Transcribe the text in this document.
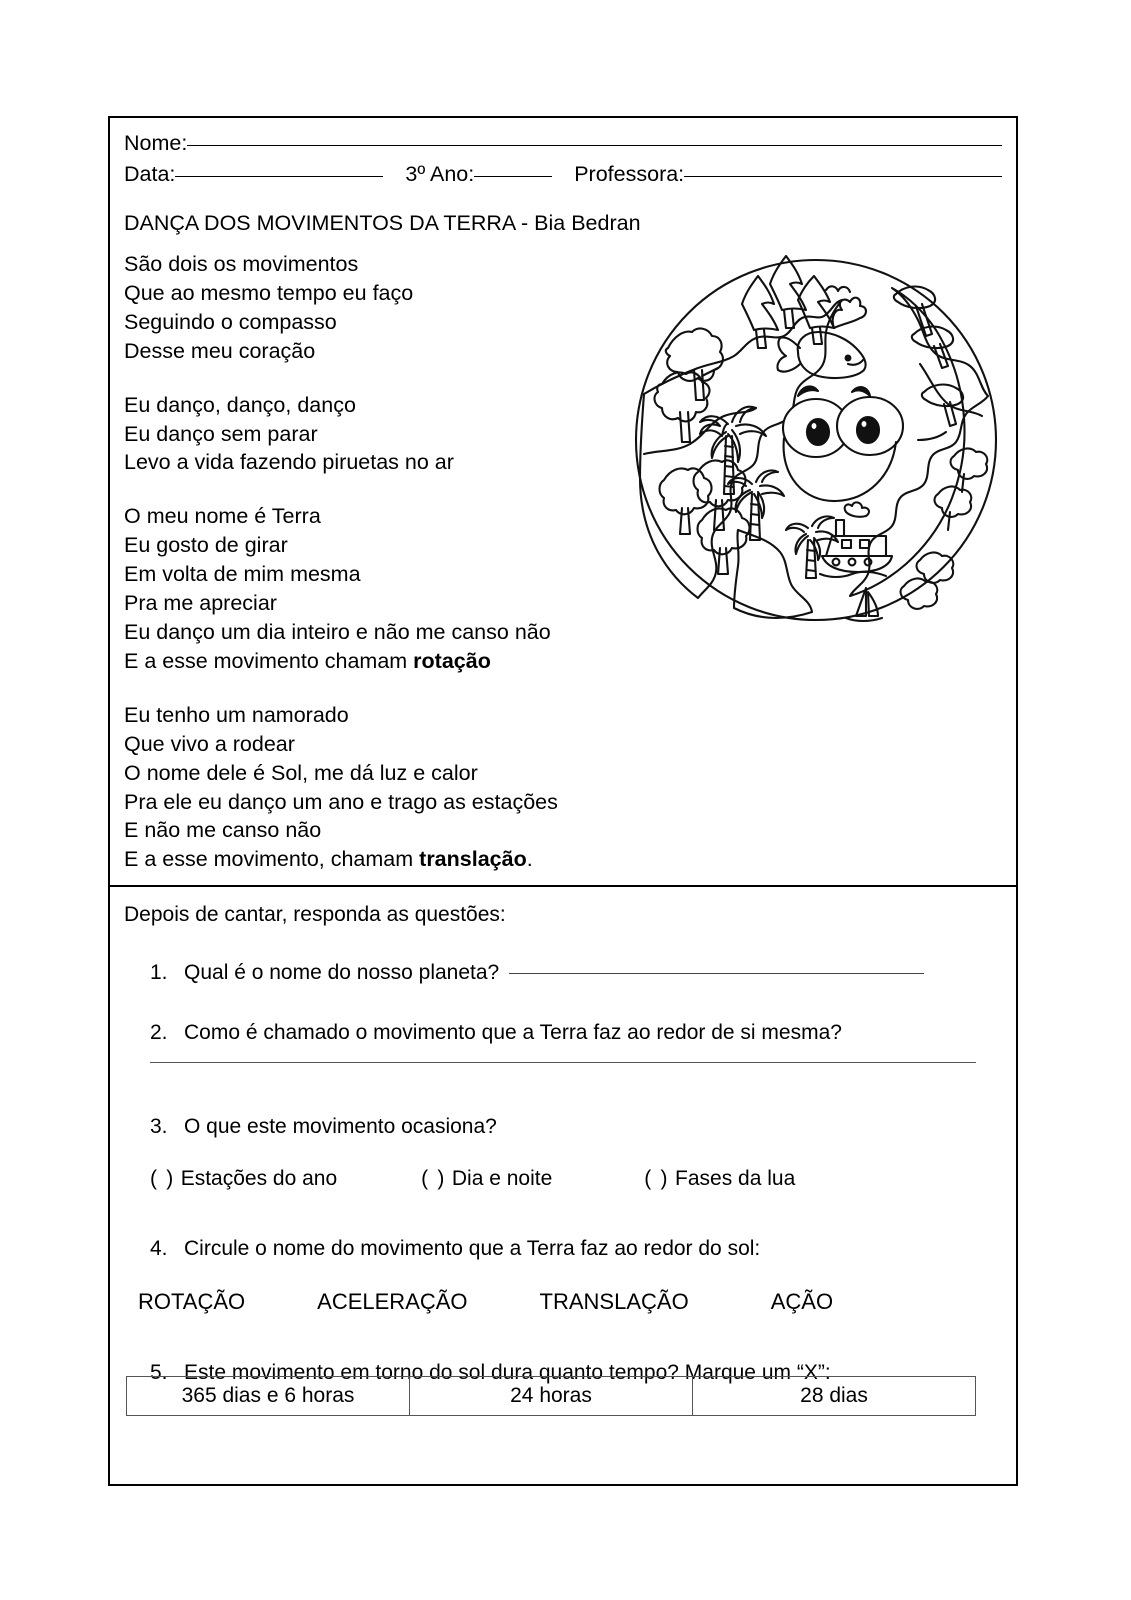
Nome:
Data:	3º Ano:	Professora:
DANÇA DOS MOVIMENTOS DA TERRA - Bia Bedran
São dois os movimentos
Que ao mesmo tempo eu faço
Seguindo o compasso
Desse meu coração
Eu danço, danço, danço
Eu danço sem parar
Levo a vida fazendo piruetas no ar
O meu nome é Terra
Eu gosto de girar
Em volta de mim mesma
Pra me apreciar
Eu danço um dia inteiro e não me canso não
E a esse movimento chamam rotação
Eu tenho um namorado
Que vivo a rodear
O nome dele é Sol, me dá luz e calor
Pra ele eu danço um ano e trago as estações
E não me canso não
E a esse movimento, chamam translação.
Depois de cantar, responda as questões:
1. Qual é o nome do nosso planeta?
2. Como é chamado o movimento que a Terra faz ao redor de si mesma?
3. O que este movimento ocasiona?
( ) Estações do ano	( ) Dia e noite	( ) Fases da lua
4. Circule o nome do movimento que a Terra faz ao redor do sol:
ROTAÇÃO	ACELERAÇÃO	TRANSLAÇÃO	AÇÃO
5. Este movimento em torno do sol dura quanto tempo? Marque um “X”:
365 dias e 6 horas	24 horas	28 dias
